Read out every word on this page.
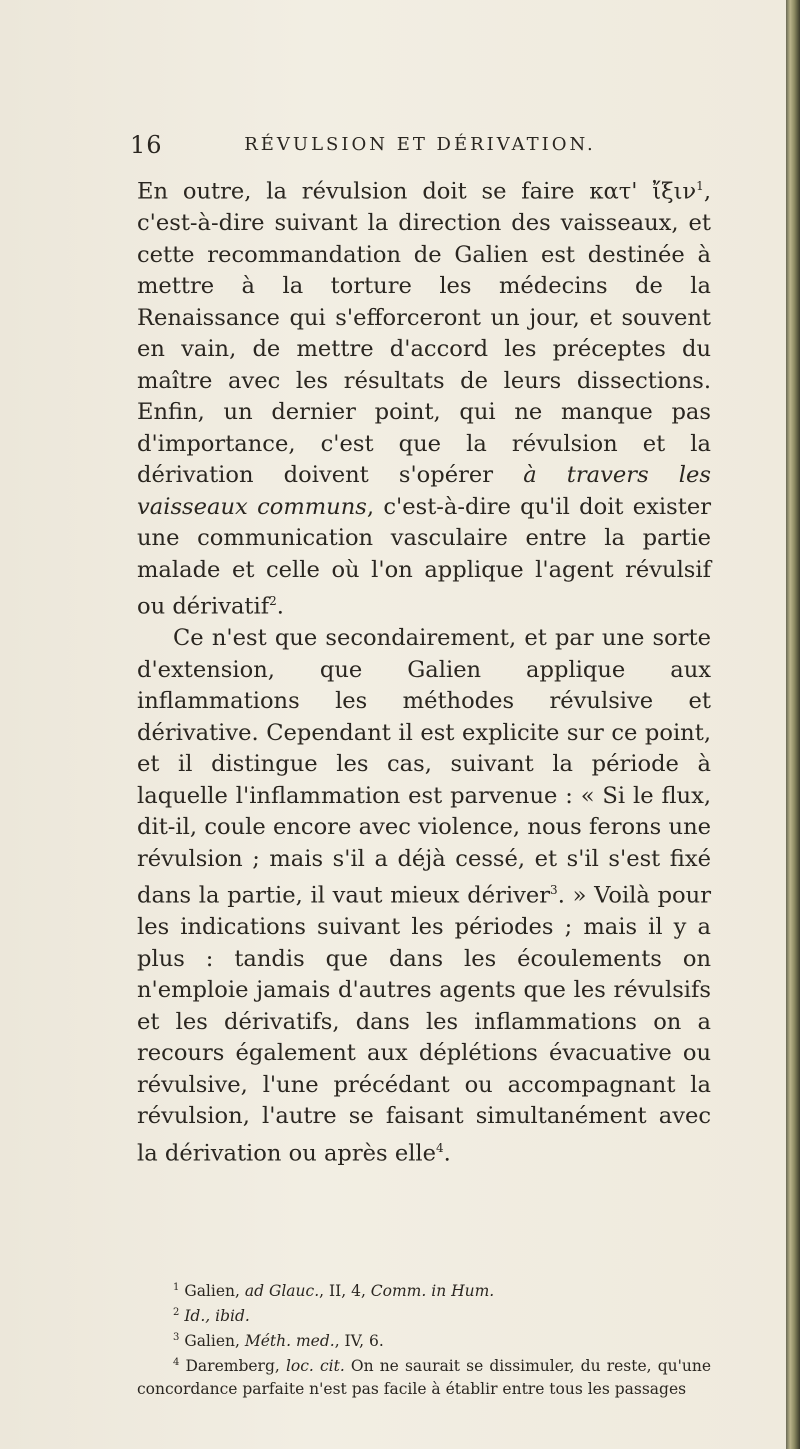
16	RÉVULSION ET DÉRIVATION.

En outre, la révulsion doit se faire κατ' ἴξιν$^1$, c'est-à-dire suivant la direction des vaisseaux, et cette recommandation de Galien est destinée à mettre à la torture les médecins de la Renaissance qui s'efforceront un jour, et souvent en vain, de mettre d'accord les préceptes du maître avec les résultats de leurs dissections. Enfin, un dernier point, qui ne manque pas d'importance, c'est que la révulsion et la dérivation doivent s'opérer à travers les vaisseaux communs, c'est-à-dire qu'il doit exister une communication vasculaire entre la partie malade et celle où l'on applique l'agent révulsif ou dérivatif$^2$.

Ce n'est que secondairement, et par une sorte d'extension, que Galien applique aux inflammations les méthodes révulsive et dérivative. Cependant il est explicite sur ce point, et il distingue les cas, suivant la période à laquelle l'inflammation est parvenue : « Si le flux, dit-il, coule encore avec violence, nous ferons une révulsion ; mais s'il a déjà cessé, et s'il s'est fixé dans la partie, il vaut mieux dériver$^3$. » Voilà pour les indications suivant les périodes ; mais il y a plus : tandis que dans les écoulements on n'emploie jamais d'autres agents que les révulsifs et les dérivatifs, dans les inflammations on a recours également aux déplétions évacuative ou révulsive, l'une précédant ou accompagnant la révulsion, l'autre se faisant simultanément avec la dérivation ou après elle$^4$.

$^1$ Galien, ad Glauc., II, 4, Comm. in Hum.
$^2$ Id., ibid.
$^3$ Galien, Méth. med., IV, 6.
$^4$ Daremberg, loc. cit. On ne saurait se dissimuler, du reste, qu'une concordance parfaite n'est pas facile à établir entre tous les passages
